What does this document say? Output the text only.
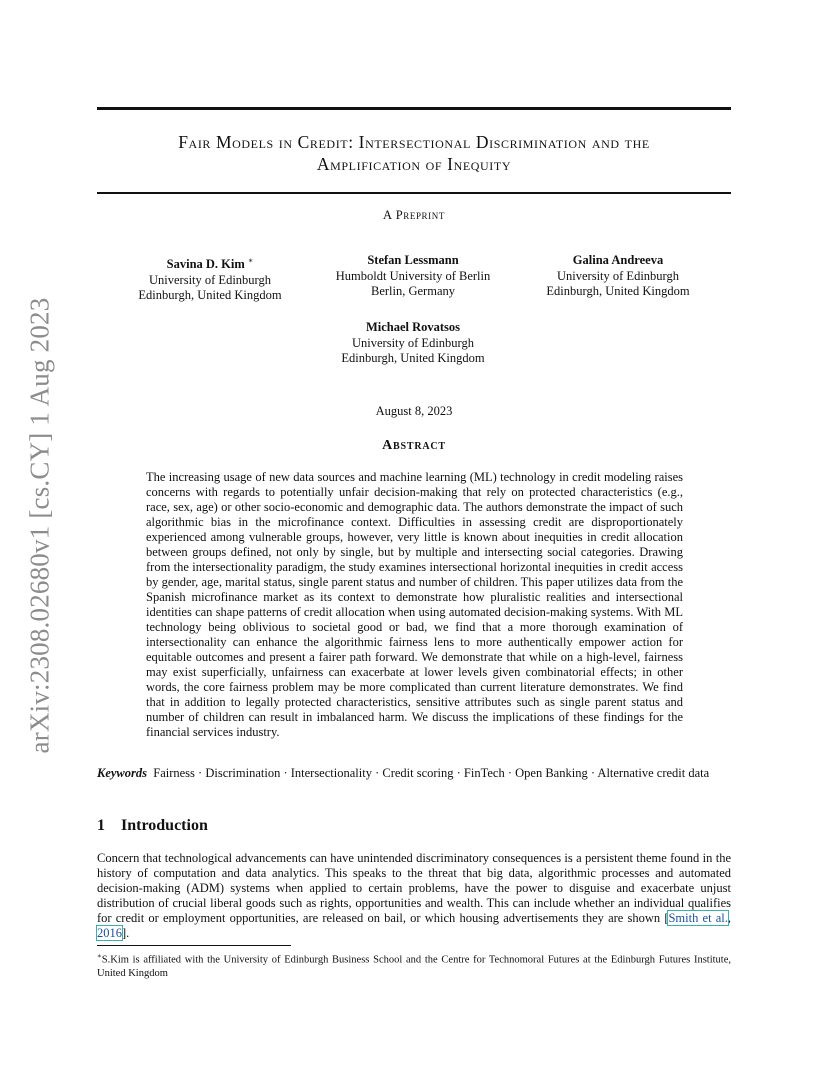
arXiv:2308.02680v1 [cs.CY] 1 Aug 2023
Fair Models in Credit: Intersectional Discrimination and the
Amplification of Inequity
A Preprint
Savina D. Kim ∗
University of Edinburgh
Edinburgh, United Kingdom
Stefan Lessmann
Humboldt University of Berlin
Berlin, Germany
Galina Andreeva
University of Edinburgh
Edinburgh, United Kingdom
Michael Rovatsos
University of Edinburgh
Edinburgh, United Kingdom
August 8, 2023
Abstract

The increasing usage of new data sources and machine learning (ML) technology in credit modeling raises concerns with regards to potentially unfair decision-making that rely on protected characteristics (e.g., race, sex, age) or other socio-economic and demographic data. The authors demonstrate the impact of such algorithmic bias in the microfinance context. Difficulties in assessing credit are disproportionately experienced among vulnerable groups, however, very little is known about inequities in credit allocation between groups defined, not only by single, but by multiple and intersecting social categories. Drawing from the intersectionality paradigm, the study examines intersectional horizontal inequities in credit access by gender, age, marital status, single parent status and number of children. This paper utilizes data from the Spanish microfinance market as its context to demonstrate how pluralistic realities and intersectional identities can shape patterns of credit allocation when using automated decision-making systems. With ML technology being oblivious to societal good or bad, we find that a more thorough examination of intersectionality can enhance the algorithmic fairness lens to more authentically empower action for equitable outcomes and present a fairer path forward. We demonstrate that while on a high-level, fairness may exist superficially, unfairness can exacerbate at lower levels given combinatorial effects; in other words, the core fairness problem may be more complicated than current literature demonstrates. We find that in addition to legally protected characteristics, sensitive attributes such as single parent status and number of children can result in imbalanced harm. We discuss the implications of these findings for the financial services industry.

Keywords Fairness · Discrimination · Intersectionality · Credit scoring · FinTech · Open Banking · Alternative credit data

1 Introduction

Concern that technological advancements can have unintended discriminatory consequences is a persistent theme found in the history of computation and data analytics. This speaks to the threat that big data, algorithmic processes and automated decision-making (ADM) systems when applied to certain problems, have the power to disguise and exacerbate unjust distribution of crucial liberal goods such as rights, opportunities and wealth. This can include whether an individual qualifies for credit or employment opportunities, are released on bail, or which housing advertisements they are shown [Smith et al., 2016].

∗S.Kim is affiliated with the University of Edinburgh Business School and the Centre for Technomoral Futures at the Edinburgh Futures Institute, United Kingdom
